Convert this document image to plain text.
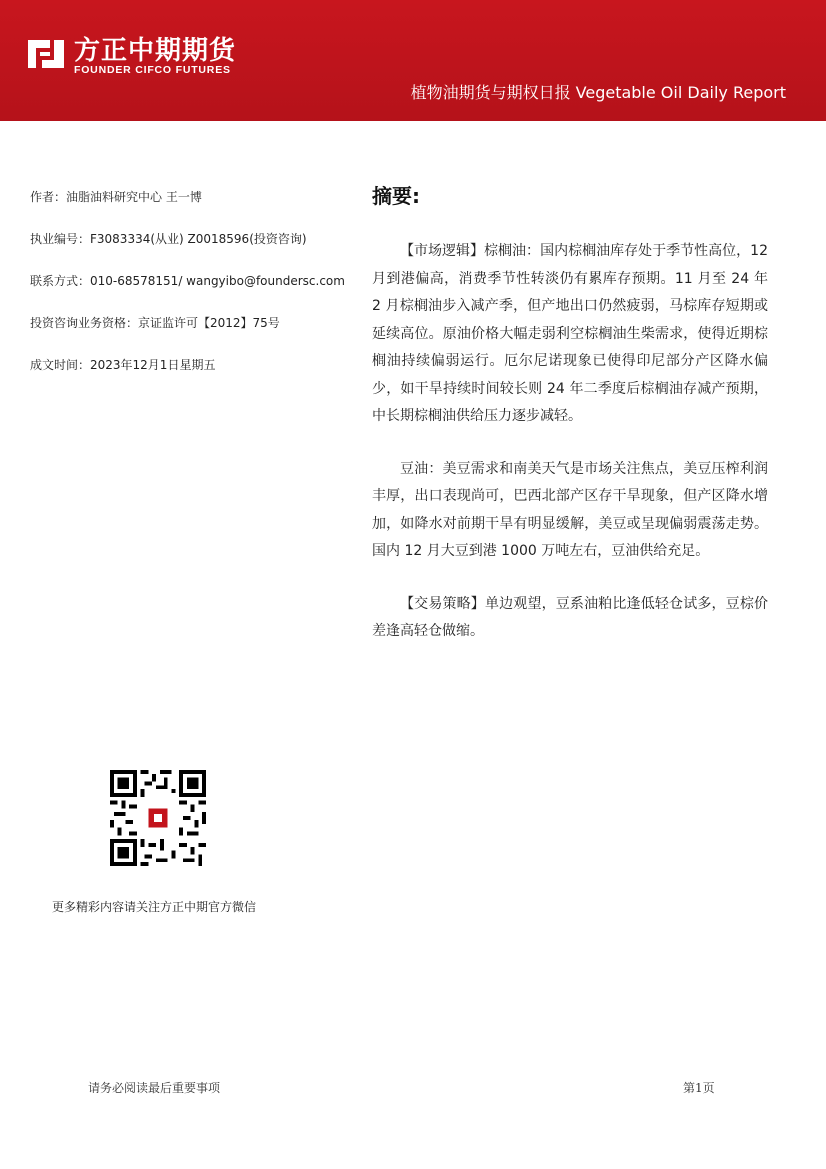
方正中期期货
FOUNDER CIFCO FUTURES
植物油期货与期权日报 Vegetable Oil Daily Report
作者：油脂油料研究中心 王一博
执业编号：F3083334(从业) Z0018596(投资咨询)
联系方式：010-68578151/ wangyibo@foundersc.com
投资咨询业务资格：京证监许可【2012】75号
成文时间：2023年12月1日星期五
摘要:

【市场逻辑】棕榈油：国内棕榈油库存处于季节性高位，12 月到港偏高，消费季节性转淡仍有累库存预期。11 月至 24 年 2 月棕榈油步入减产季，但产地出口仍然疲弱，马棕库存短期或延续高位。原油价格大幅走弱利空棕榈油生柴需求，使得近期棕榈油持续偏弱运行。厄尔尼诺现象已使得印尼部分产区降水偏少，如干旱持续时间较长则 24 年二季度后棕榈油存减产预期，中长期棕榈油供给压力逐步减轻。

豆油：美豆需求和南美天气是市场关注焦点，美豆压榨利润丰厚，出口表现尚可，巴西北部产区存干旱现象，但产区降水增加，如降水对前期干旱有明显缓解，美豆或呈现偏弱震荡走势。国内 12 月大豆到港 1000 万吨左右，豆油供给充足。

【交易策略】单边观望，豆系油粕比逢低轻仓试多，豆棕价差逢高轻仓做缩。

更多精彩内容请关注方正中期官方微信
请务必阅读最后重要事项	第1页
